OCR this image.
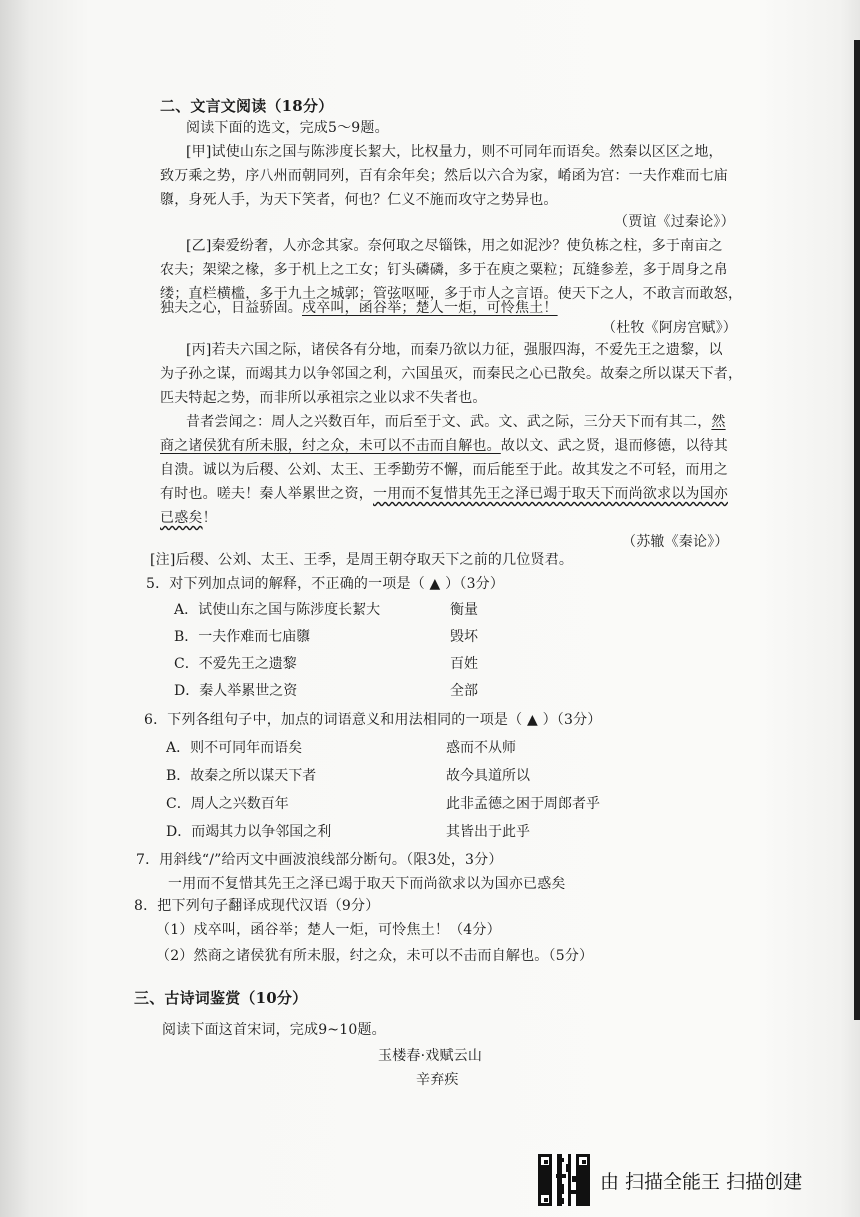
二、文言文阅读（18分）
阅读下面的选文，完成5～9题。
[甲]试使山东之国与陈涉度长絜大，比权量力，则不可同年而语矣。然秦以区区之地，
致万乘之势，序八州而朝同列，百有余年矣；然后以六合为家，崤函为宫：一夫作难而七庙
隳，身死人手，为天下笑者，何也？仁义不施而攻守之势异也。
（贾谊《过秦论》）
[乙]秦爱纷奢，人亦念其家。奈何取之尽锱铢，用之如泥沙？使负栋之柱，多于南亩之
农夫；架梁之椽，多于机上之工女；钉头磷磷，多于在庾之粟粒；瓦缝参差，多于周身之帛
缕；直栏横槛，多于九土之城郭；管弦呕哑，多于市人之言语。使天下之人，不敢言而敢怒，
独夫之心，日益骄固。戍卒叫，函谷举；楚人一炬，可怜焦土！
（杜牧《阿房宫赋》）
[丙]若夫六国之际，诸侯各有分地，而秦乃欲以力征，强服四海，不爱先王之遗黎，以
为子孙之谋，而竭其力以争邻国之利，六国虽灭，而秦民之心已散矣。故秦之所以谋天下者，
匹夫特起之势，而非所以承祖宗之业以求不失者也。
昔者尝闻之：周人之兴数百年，而后至于文、武。文、武之际，三分天下而有其二，然
商之诸侯犹有所未服，纣之众，未可以不击而自解也。故以文、武之贤，退而修德，以待其
自溃。诚以为后稷、公刘、太王、王季勤劳不懈，而后能至于此。故其发之不可轻，而用之
有时也。嗟夫！秦人举累世之资，一用而不复惜其先王之泽已竭于取天下而尚欲求以为国亦
已惑矣！
（苏辙《秦论》）
[注]后稷、公刘、太王、王季，是周王朝夺取天下之前的几位贤君。
5．对下列加点词的解释，不正确的一项是（ ▲ ）（3分）
A．试使山东之国与陈涉度长絜大	衡量
B．一夫作难而七庙隳	毁坏
C．不爱先王之遗黎	百姓
D．秦人举累世之资	全部
6．下列各组句子中，加点的词语意义和用法相同的一项是（ ▲ ）（3分）
A．则不可同年而语矣	惑而不从师
B．故秦之所以谋天下者	故今具道所以
C．周人之兴数百年	此非孟德之困于周郎者乎
D．而竭其力以争邻国之利	其皆出于此乎
7．用斜线“/”给丙文中画波浪线部分断句。（限3处，3分）
一用而不复惜其先王之泽已竭于取天下而尚欲求以为国亦已惑矣
8．把下列句子翻译成现代汉语（9分）
（1）戍卒叫，函谷举；楚人一炬，可怜焦土！（4分）
（2）然商之诸侯犹有所未服，纣之众，未可以不击而自解也。（5分）
三、古诗词鉴赏（10分）
阅读下面这首宋词，完成9~10题。
玉楼春·戏赋云山
辛弃疾
由 扫描全能王 扫描创建
